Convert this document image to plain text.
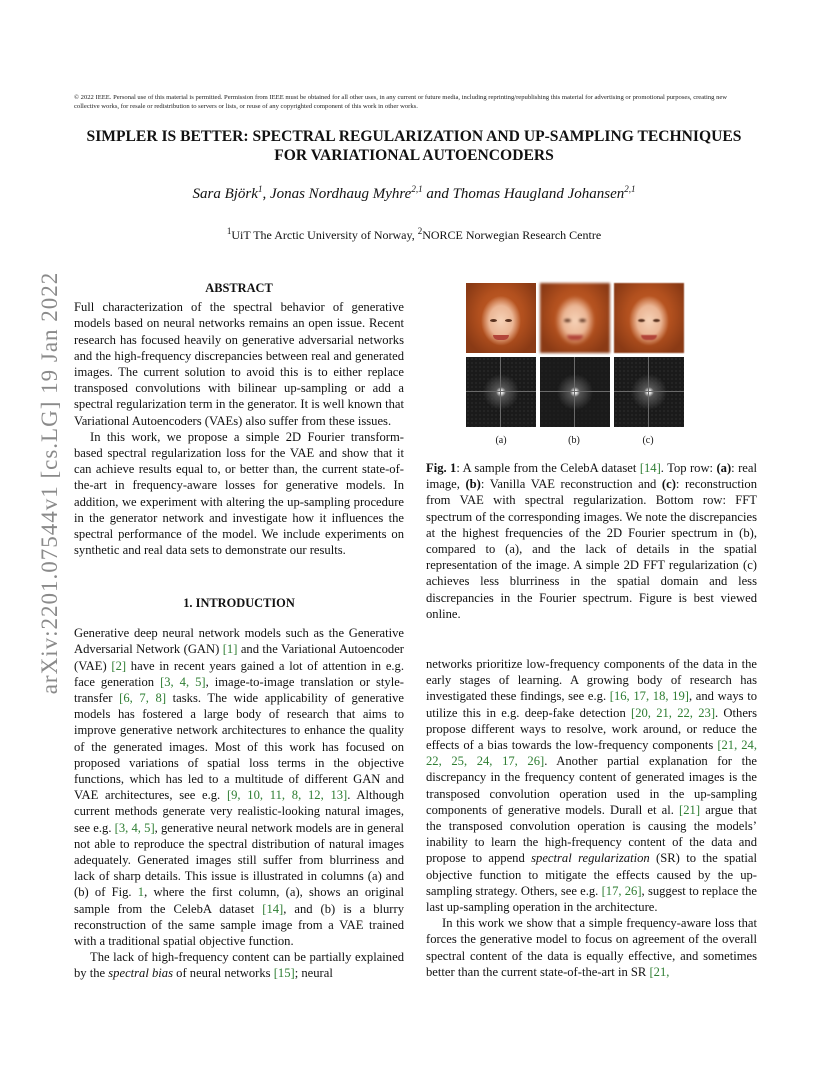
© 2022 IEEE. Personal use of this material is permitted. Permission from IEEE must be obtained for all other uses, in any current or future media, including reprinting/republishing this material for advertising or promotional purposes, creating new collective works, for resale or redistribution to servers or lists, or reuse of any copyrighted component of this work in other works.
SIMPLER IS BETTER: SPECTRAL REGULARIZATION AND UP-SAMPLING TECHNIQUES
FOR VARIATIONAL AUTOENCODERS
Sara Björk$^1$, Jonas Nordhaug Myhre$^{2,1}$ and Thomas Haugland Johansen$^{2,1}$
$^1$UiT The Arctic University of Norway, $^2$NORCE Norwegian Research Centre
arXiv:2201.07544v1 [cs.LG] 19 Jan 2022	ABSTRACT

Full characterization of the spectral behavior of generative models based on neural networks remains an open issue. Recent research has focused heavily on generative adversarial networks and the high-frequency discrepancies between real and generated images. The current solution to avoid this is to either replace transposed convolutions with bilinear up-sampling or add a spectral regularization term in the generator. It is well known that Variational Autoencoders (VAEs) also suffer from these issues.

In this work, we propose a simple 2D Fourier transform-based spectral regularization loss for the VAE and show that it can achieve results equal to, or better than, the current state-of-the-art in frequency-aware losses for generative models. In addition, we experiment with altering the up-sampling procedure in the generator network and investigate how it influences the spectral performance of the model. We include experiments on synthetic and real data sets to demonstrate our results.

1. INTRODUCTION

Generative deep neural network models such as the Generative Adversarial Network (GAN) [1] and the Variational Autoencoder (VAE) [2] have in recent years gained a lot of attention in e.g. face generation [3, 4, 5], image-to-image translation or style-transfer [6, 7, 8] tasks. The wide applicability of generative models has fostered a large body of research that aims to improve generative network architectures to enhance the quality of the generated images. Most of this work has focused on proposed variations of spatial loss terms in the objective functions, which has led to a multitude of different GAN and VAE architectures, see e.g. [9, 10, 11, 8, 12, 13]. Although current methods generate very realistic-looking natural images, see e.g. [3, 4, 5], generative neural network models are in general not able to reproduce the spectral distribution of natural images adequately. Generated images still suffer from blurriness and lack of sharp details. This issue is illustrated in columns (a) and (b) of Fig. 1, where the first column, (a), shows an original sample from the CelebA dataset [14], and (b) is a blurry reconstruction of the same sample image from a VAE trained with a traditional spatial objective function.

The lack of high-frequency content can be partially explained by the spectral bias of neural networks [15]; neural

(a)	(b)	(c)
Fig. 1: A sample from the CelebA dataset [14]. Top row: (a): real image, (b): Vanilla VAE reconstruction and (c): reconstruction from VAE with spectral regularization. Bottom row: FFT spectrum of the corresponding images. We note the discrepancies at the highest frequencies of the 2D Fourier spectrum in (b), compared to (a), and the lack of details in the spatial representation of the image. A simple 2D FFT regularization (c) achieves less blurriness in the spatial domain and less discrepancies in the Fourier spectrum. Figure is best viewed online.

networks prioritize low-frequency components of the data in the early stages of learning. A growing body of research has investigated these findings, see e.g. [16, 17, 18, 19], and ways to utilize this in e.g. deep-fake detection [20, 21, 22, 23]. Others propose different ways to resolve, work around, or reduce the effects of a bias towards the low-frequency components [21, 24, 22, 25, 24, 17, 26]. Another partial explanation for the discrepancy in the frequency content of generated images is the transposed convolution operation used in the up-sampling components of generative models. Durall et al. [21] argue that the transposed convolution operation is causing the models’ inability to learn the high-frequency content of the data and propose to append spectral regularization (SR) to the spatial objective function to mitigate the effects caused by the up-sampling strategy. Others, see e.g. [17, 26], suggest to replace the last up-sampling operation in the architecture.

In this work we show that a simple frequency-aware loss that forces the generative model to focus on agreement of the overall spectral content of the data is equally effective, and sometimes better than the current state-of-the-art in SR [21,
